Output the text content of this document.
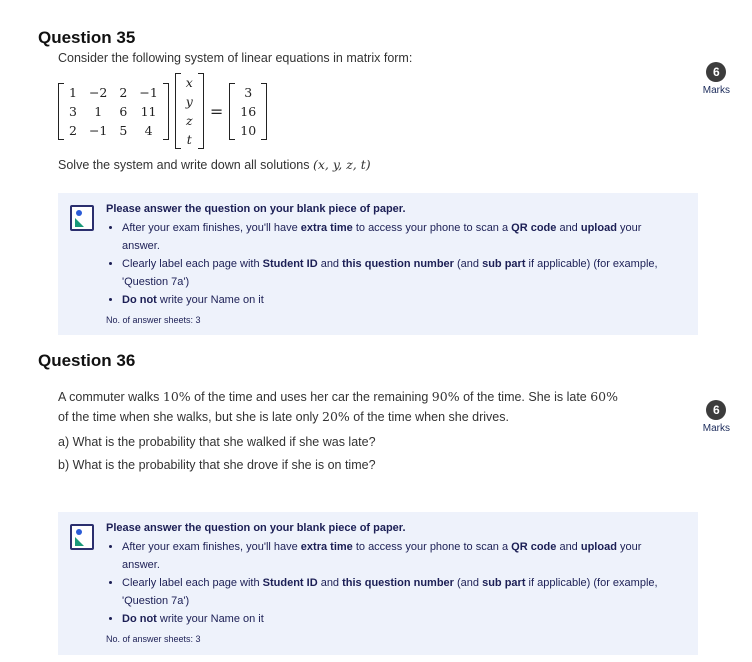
Question 35
Consider the following system of linear equations in matrix form:
1	−2	2	−1
3	1	6	11
2	−1	5	4
x
y
z
t
=
3
16
10
Solve the system and write down all solutions (x, y, z, t)
6
Marks
Please answer the question on your blank piece of paper.
• After your exam finishes, you'll have extra time to access your phone to scan a QR code and upload your answer.
• Clearly label each page with Student ID and this question number (and sub part if applicable) (for example, 'Question 7a')
• Do not write your Name on it
No. of answer sheets: 3
Question 36
A commuter walks 10% of the time and uses her car the remaining 90% of the time. She is late 60%
of the time when she walks, but she is late only 20% of the time when she drives.
a) What is the probability that she walked if she was late?
b) What is the probability that she drove if she is on time?
6
Marks
Please answer the question on your blank piece of paper.
• After your exam finishes, you'll have extra time to access your phone to scan a QR code and upload your answer.
• Clearly label each page with Student ID and this question number (and sub part if applicable) (for example, 'Question 7a')
• Do not write your Name on it
No. of answer sheets: 3
